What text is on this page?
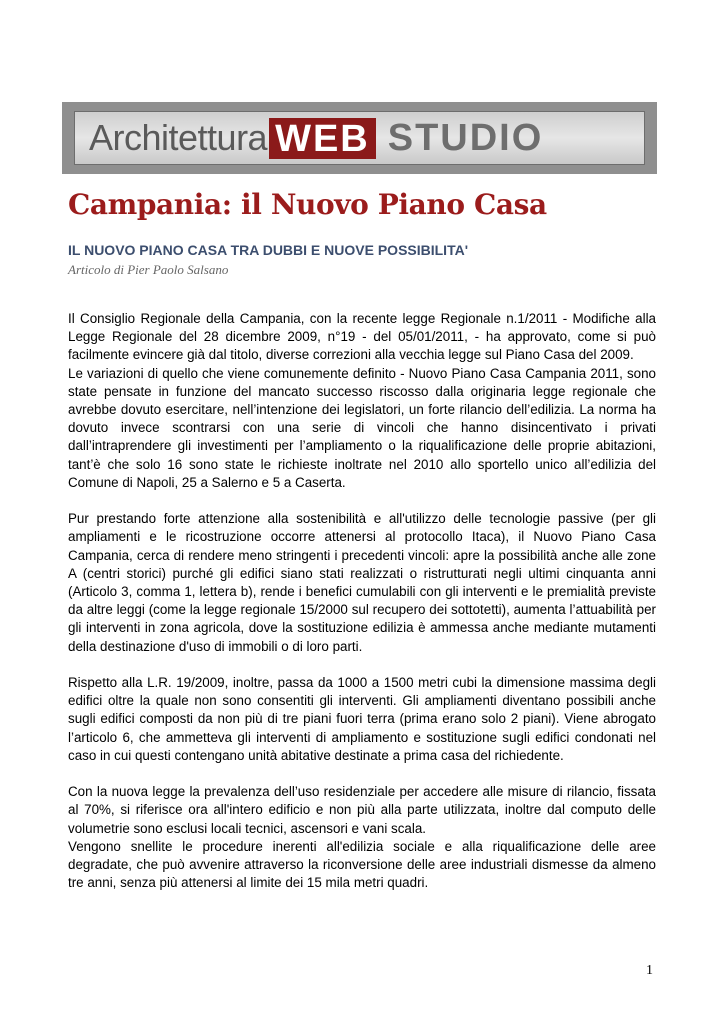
Architettura WEB STUDIO
Campania: il Nuovo Piano Casa
IL NUOVO PIANO CASA TRA DUBBI E NUOVE POSSIBILITA'
Articolo di Pier Paolo Salsano

Il Consiglio Regionale della Campania, con la recente legge Regionale n.1/2011 - Modifiche alla Legge Regionale del 28 dicembre 2009, n°19 - del 05/01/2011, - ha approvato, come si può facilmente evincere già dal titolo, diverse correzioni alla vecchia legge sul Piano Casa del 2009.

Le variazioni di quello che viene comunemente definito - Nuovo Piano Casa Campania 2011, sono state pensate in funzione del mancato successo riscosso dalla originaria legge regionale che avrebbe dovuto esercitare, nell’intenzione dei legislatori, un forte rilancio dell’edilizia. La norma ha dovuto invece scontrarsi con una serie di vincoli che hanno disincentivato i privati dall’intraprendere gli investimenti per l’ampliamento o la riqualificazione delle proprie abitazioni, tant’è che solo 16 sono state le richieste inoltrate nel 2010 allo sportello unico all’edilizia del Comune di Napoli, 25 a Salerno e 5 a Caserta.

Pur prestando forte attenzione alla sostenibilità e all'utilizzo delle tecnologie passive (per gli ampliamenti e le ricostruzione occorre attenersi al protocollo Itaca), il Nuovo Piano Casa Campania, cerca di rendere meno stringenti i precedenti vincoli: apre la possibilità anche alle zone A (centri storici) purché gli edifici siano stati realizzati o ristrutturati negli ultimi cinquanta anni (Articolo 3, comma 1, lettera b), rende i benefici cumulabili con gli interventi e le premialità previste da altre leggi (come la legge regionale 15/2000 sul recupero dei sottotetti), aumenta l’attuabilità per gli interventi in zona agricola, dove la sostituzione edilizia è ammessa anche mediante mutamenti della destinazione d'uso di immobili o di loro parti.

Rispetto alla L.R. 19/2009, inoltre, passa da 1000 a 1500 metri cubi la dimensione massima degli edifici oltre la quale non sono consentiti gli interventi. Gli ampliamenti diventano possibili anche sugli edifici composti da non più di tre piani fuori terra (prima erano solo 2 piani). Viene abrogato l’articolo 6, che ammetteva gli interventi di ampliamento e sostituzione sugli edifici condonati nel caso in cui questi contengano unità abitative destinate a prima casa del richiedente.

Con la nuova legge la prevalenza dell’uso residenziale per accedere alle misure di rilancio, fissata al 70%, si riferisce ora all'intero edificio e non più alla parte utilizzata, inoltre dal computo delle volumetrie sono esclusi locali tecnici, ascensori e vani scala.

Vengono snellite le procedure inerenti all'edilizia sociale e alla riqualificazione delle aree degradate, che può avvenire attraverso la riconversione delle aree industriali dismesse da almeno tre anni, senza più attenersi al limite dei 15 mila metri quadri.

1
